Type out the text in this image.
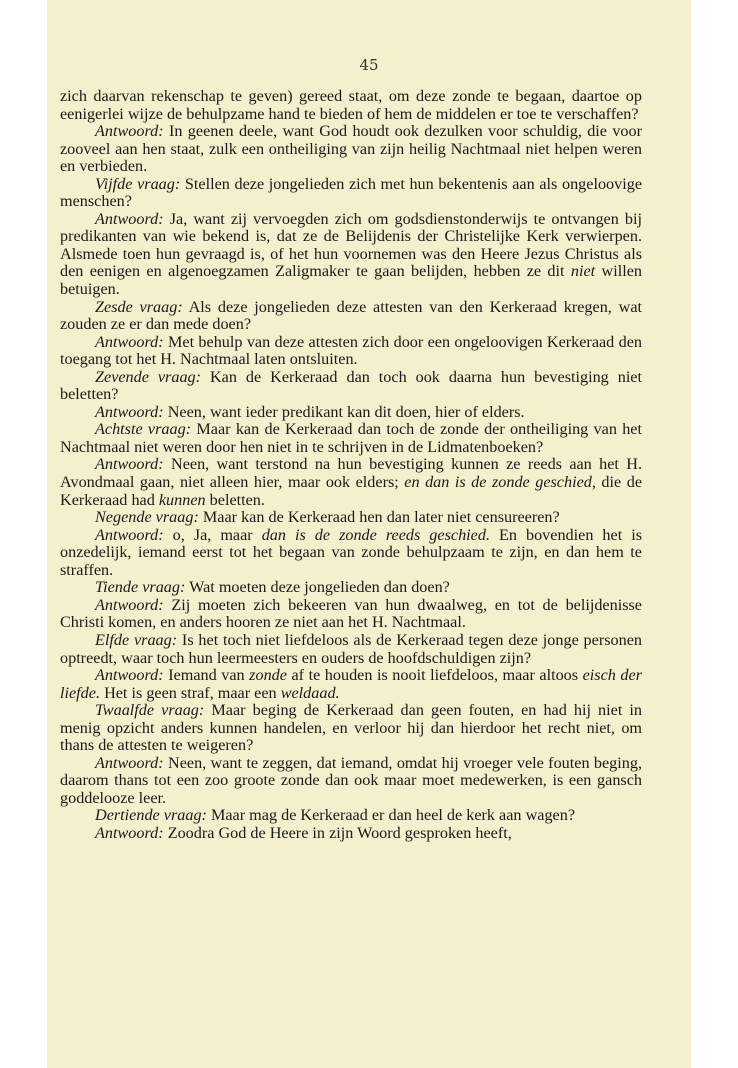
45

zich daarvan rekenschap te geven) gereed staat, om deze zonde te begaan, daartoe op eenigerlei wijze de behulpzame hand te bieden of hem de middelen er toe te verschaffen?

Antwoord: In geenen deele, want God houdt ook dezulken voor schuldig, die voor zooveel aan hen staat, zulk een ontheiliging van zijn heilig Nachtmaal niet helpen weren en verbieden.

Vijfde vraag: Stellen deze jongelieden zich met hun bekentenis aan als ongeloovige menschen?

Antwoord: Ja, want zij vervoegden zich om godsdienstonderwijs te ontvangen bij predikanten van wie bekend is, dat ze de Belijdenis der Christelijke Kerk verwierpen. Alsmede toen hun gevraagd is, of het hun voornemen was den Heere Jezus Christus als den eenigen en algenoegzamen Zaligmaker te gaan belijden, hebben ze dit niet willen betuigen.

Zesde vraag: Als deze jongelieden deze attesten van den Kerkeraad kregen, wat zouden ze er dan mede doen?

Antwoord: Met behulp van deze attesten zich door een ongeloovigen Kerkeraad den toegang tot het H. Nachtmaal laten ontsluiten.

Zevende vraag: Kan de Kerkeraad dan toch ook daarna hun bevestiging niet beletten?

Antwoord: Neen, want ieder predikant kan dit doen, hier of elders.

Achtste vraag: Maar kan de Kerkeraad dan toch de zonde der ontheiliging van het Nachtmaal niet weren door hen niet in te schrijven in de Lidmatenboeken?

Antwoord: Neen, want terstond na hun bevestiging kunnen ze reeds aan het H. Avondmaal gaan, niet alleen hier, maar ook elders; en dan is de zonde geschied, die de Kerkeraad had kunnen beletten.

Negende vraag: Maar kan de Kerkeraad hen dan later niet censureeren?

Antwoord: o, Ja, maar dan is de zonde reeds geschied. En bovendien het is onzedelijk, iemand eerst tot het begaan van zonde behulpzaam te zijn, en dan hem te straffen.

Tiende vraag: Wat moeten deze jongelieden dan doen?

Antwoord: Zij moeten zich bekeeren van hun dwaalweg, en tot de belijdenisse Christi komen, en anders hooren ze niet aan het H. Nachtmaal.

Elfde vraag: Is het toch niet liefdeloos als de Kerkeraad tegen deze jonge personen optreedt, waar toch hun leermeesters en ouders de hoofdschuldigen zijn?

Antwoord: Iemand van zonde af te houden is nooit liefdeloos, maar altoos eisch der liefde. Het is geen straf, maar een weldaad.

Twaalfde vraag: Maar beging de Kerkeraad dan geen fouten, en had hij niet in menig opzicht anders kunnen handelen, en verloor hij dan hierdoor het recht niet, om thans de attesten te weigeren?

Antwoord: Neen, want te zeggen, dat iemand, omdat hij vroeger vele fouten beging, daarom thans tot een zoo groote zonde dan ook maar moet medewerken, is een gansch goddelooze leer.

Dertiende vraag: Maar mag de Kerkeraad er dan heel de kerk aan wagen?

Antwoord: Zoodra God de Heere in zijn Woord gesproken heeft,
